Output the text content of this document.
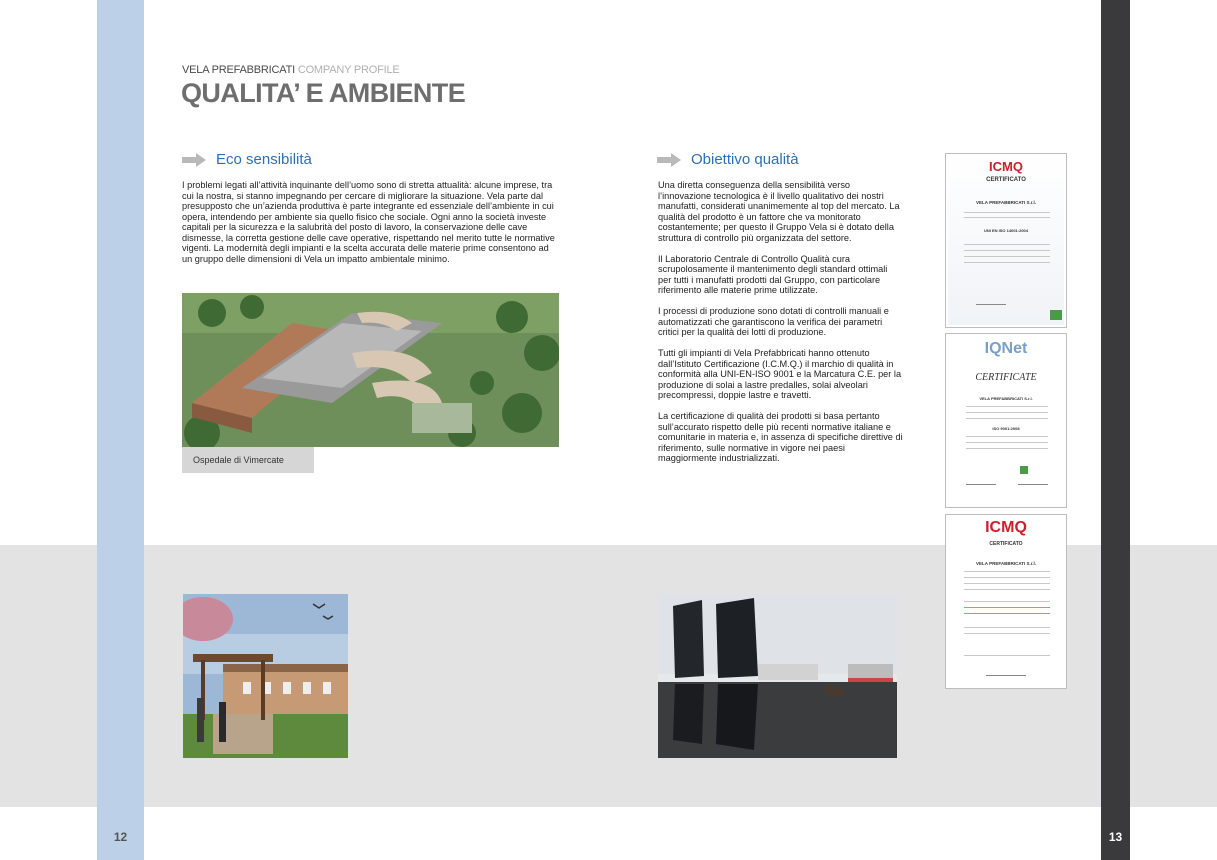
VELA PREFABBRICATI COMPANY PROFILE
QUALITA’ E AMBIENTE
Eco sensibilità

I problemi legati all’attività inquinante dell’uomo sono di stretta attualità: alcune imprese, tra cui la nostra, si stanno impegnando per cercare di migliorare la situazione. Vela parte dal presupposto che un’azienda produttiva è parte integrante ed essenziale dell’ambiente in cui opera, intendendo per ambiente sia quello fisico che sociale. Ogni anno la società investe capitali per la sicurezza e la salubrità del posto di lavoro, la conservazione delle cave dismesse, la corretta gestione delle cave operative, rispettando nel merito tutte le normative vigenti. La modernità degli impianti e la scelta accurata delle materie prime consentono ad un gruppo delle dimensioni di Vela un impatto ambientale minimo.

Ospedale di Vimercate
Obiettivo qualità

Una diretta conseguenza della sensibilità verso l’innovazione tecnologica è il livello qualitativo dei nostri manufatti, considerati unanimemente al top del mercato. La qualità del prodotto è un fattore che va monitorato costantemente; per questo il Gruppo Vela si è dotato della struttura di controllo più organizzata del settore.

Il Laboratorio Centrale di Controllo Qualità cura scrupolosamente il mantenimento degli standard ottimali per tutti i manufatti prodotti dal Gruppo, con particolare riferimento alle materie prime utilizzate.

I processi di produzione sono dotati di controlli manuali e automatizzati che garantiscono la verifica dei parametri critici per la qualità dei lotti di produzione.

Tutti gli impianti di Vela Prefabbricati hanno ottenuto dall’Istituto Certificazione (I.C.M.Q.) il marchio di qualità in conformità alla UNI-EN-ISO 9001 e la Marcatura C.E. per la produzione di solai a lastre predalles, solai alveolari precompressi, doppie lastre e travetti.

La certificazione di qualità dei prodotti si basa pertanto sull’accurato rispetto delle più recenti normative italiane e comunitarie in materia e, in assenza di specifiche direttive di riferimento, sulle normative in vigore nei paesi maggiormente industrializzati.

ICMQ
CERTIFICATO
VELA PREFABBRICATI S.r.l.
UNI EN ISO 14001:2004
IQNet
CERTIFICATE
VELA PREFABBRICATI S.r.l.
ISO 9001:2008
ICMQ
CERTIFICATO
VELA PREFABBRICATI S.r.l.
12	13
